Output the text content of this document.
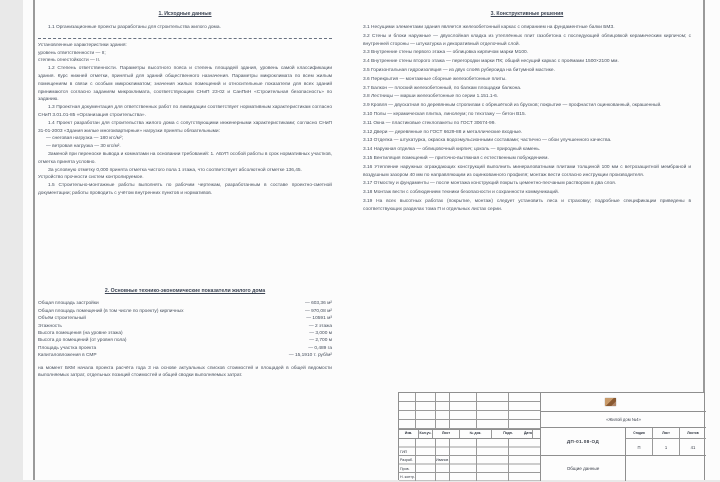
1. Исходные данные

1.1 Организационные проекты разработаны для строительства жилого дома.

Установленные характеристики здания:

уровень ответственности — II;

степень огнестойкости — II.

1.2 Степень ответственности. Параметры высотного пояса и степень площадей здания, уровень самой классификации здания. Курс нижней отметки, принятый для зданий общественного назначения. Параметры микроклимата по всем жилым помещениям в связи с особым микроклиматом; значения жилых помещений и относительные показатели для всех зданий принимаются согласно заданиям микроклимата, соответствующим СНиП 23-02 и СанПиН «Строительная безопасность» по заданию.

1.3 Проектная документация для ответственных работ по ликвидации соответствует нормативным характеристикам согласно СНиП 3.01.01-85 «Организация строительства».

1.4 Проект разработан для строительства жилого дома с сопутствующими инженерными характеристиками; согласно СНиП 31-01-2003 «Здания жилые многоквартирные» нагрузки приняты обязательными:

— снеговая нагрузка — 180 кгс/м²;

— ветровая нагрузка — 30 кгс/м².

Заменой при переноске вывода и комнатами на основании требований: 1. АБУП особой работы в срок нормативных участков, отметка принята условно.

За условную отметку 0,000 принята отметка чистого пола 1 этажа, что соответствует абсолютной отметке 136,45.

Устройство прочности систем контролируемое.

1.5 Строительно-монтажные работы выполнять по рабочим чертежам, разработанным в составе проектно-сметной документации; работы проводить с учётом внутренних пунктов и нормативов.

2. Основные технико-экономические показатели жилого дома
Общая площадь застройки	— 603,36 м²
Общая площадь помещений (в том числе по проекту) кирпичных	— 970,08 м²
Объём строительный	— 10591 м³
Этажность	— 2 этажа
Высота помещения (на уровне этажа)	— 3,000 м
Высота до помещений (от уровня пола)	— 2,700 м
Площадь участка проекта	— 0,489 га
Капиталовложения в СМР	— 15,1910 т. руб/м²

на момент БКМ начала проекта расчёта года 3 на основе актуальных списков стоимостей и площадей в общей ведомости выполняемых затрат, отдельных позиций стоимостей и общей сводки выполняемых затрат.

3. Конструктивные решения

3.1 Несущими элементами здания является железобетонный каркас с опиранием на фундаментные балки БМЗ.

3.2 Стены и блоки наружные — двухслойная кладка из утеплённых плит газобетона с последующей облицовкой керамическим кирпичом; с внутренней стороны — штукатурка и декоративный отделочный слой.

3.3 Внутренние стены первого этажа — облицовка кирпичом марки М100.

3.4 Внутренние стены второго этажа — перегородки марки ПК; общий несущий каркас с проёмами 1500×2100 мм.

3.5 Горизонтальная гидроизоляция — из двух слоёв рубероида на битумной мастике.

3.6 Перекрытия — монтажные сборные железобетонные плиты.

3.7 Балкон — плоский железобетонный, по балкам площадки балкона.

3.8 Лестницы — марши железобетонные по серии 1.151.1-6.

3.9 Кровля — двускатная по деревянным стропилам с обрешёткой из брусков; покрытие — профнастил оцинкованный, окрашенный.

3.10 Полы — керамическая плитка, линолеум; по техэтажу — бетон В15.

3.11 Окна — пластиковые стеклопакеты по ГОСТ 30674-99.

3.12 Двери — деревянные по ГОСТ 6629-88 и металлические входные.

3.13 Отделка — штукатурка, окраска водоэмульсионными составами; частично — обои улучшенного качества.

3.14 Наружная отделка — облицовочный кирпич; цоколь — природный камень.

3.15 Вентиляция помещений — приточно-вытяжная с естественным побуждением.

3.16 Утепление наружных ограждающих конструкций выполнить минераловатными плитами толщиной 100 мм с ветрозащитной мембраной и воздушным зазором 40 мм по направляющим из оцинкованного профиля; монтаж вести согласно инструкции производителя.

3.17 Отмостку и фундаменты — после монтажа конструкций покрыть цементно-песчаным раствором в два слоя.

3.18 Монтаж вести с соблюдением техники безопасности и сохранности коммуникаций.

3.19 На всех высотных работах (покрытие, монтаж) следует установить леса и страховку; подробные спецификации приведены в соответствующих разделах тома П и отдельных листах серии.

Изм.	Кол.уч.	Лист	№ док.	Подп.	Дата
ГИП
Разраб.	Иванов
Пров.
Н. контр.
«Жилой дом №4»
ДП-01.08-ОД
Стадия	Лист	Листов
П	1	41
Общие данные
